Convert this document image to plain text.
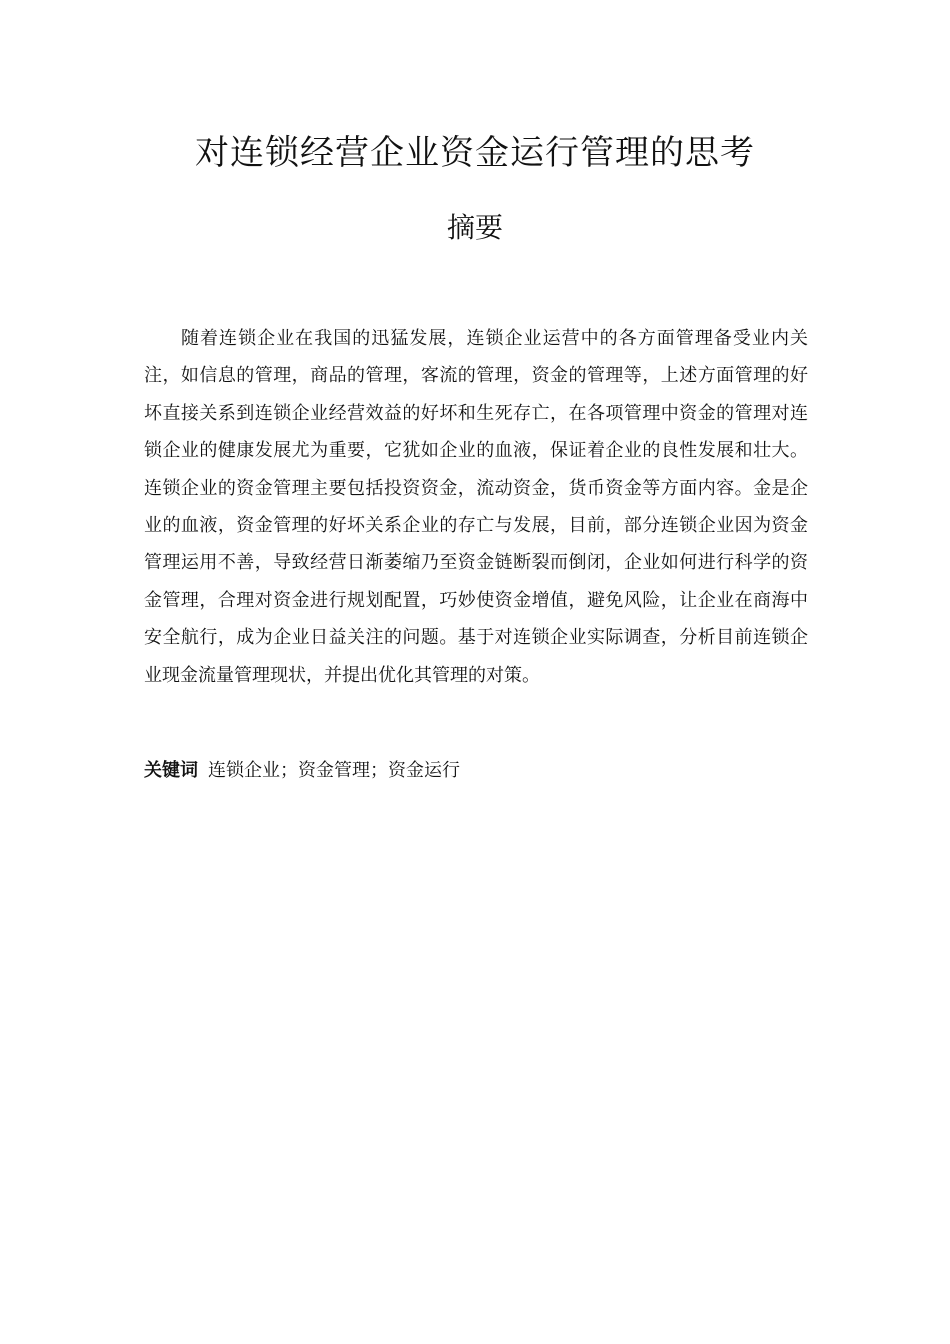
对连锁经营企业资金运行管理的思考
摘要

随着连锁企业在我国的迅猛发展，连锁企业运营中的各方面管理备受业内关注，如信息的管理，商品的管理，客流的管理，资金的管理等，上述方面管理的好坏直接关系到连锁企业经营效益的好坏和生死存亡，在各项管理中资金的管理对连锁企业的健康发展尤为重要，它犹如企业的血液，保证着企业的良性发展和壮大。连锁企业的资金管理主要包括投资资金，流动资金，货币资金等方面内容。金是企业的血液，资金管理的好坏关系企业的存亡与发展，目前，部分连锁企业因为资金管理运用不善，导致经营日渐萎缩乃至资金链断裂而倒闭，企业如何进行科学的资金管理，合理对资金进行规划配置，巧妙使资金增值，避免风险，让企业在商海中安全航行，成为企业日益关注的问题。基于对连锁企业实际调查，分析目前连锁企业现金流量管理现状，并提出优化其管理的对策。

关键词 连锁企业；资金管理；资金运行
